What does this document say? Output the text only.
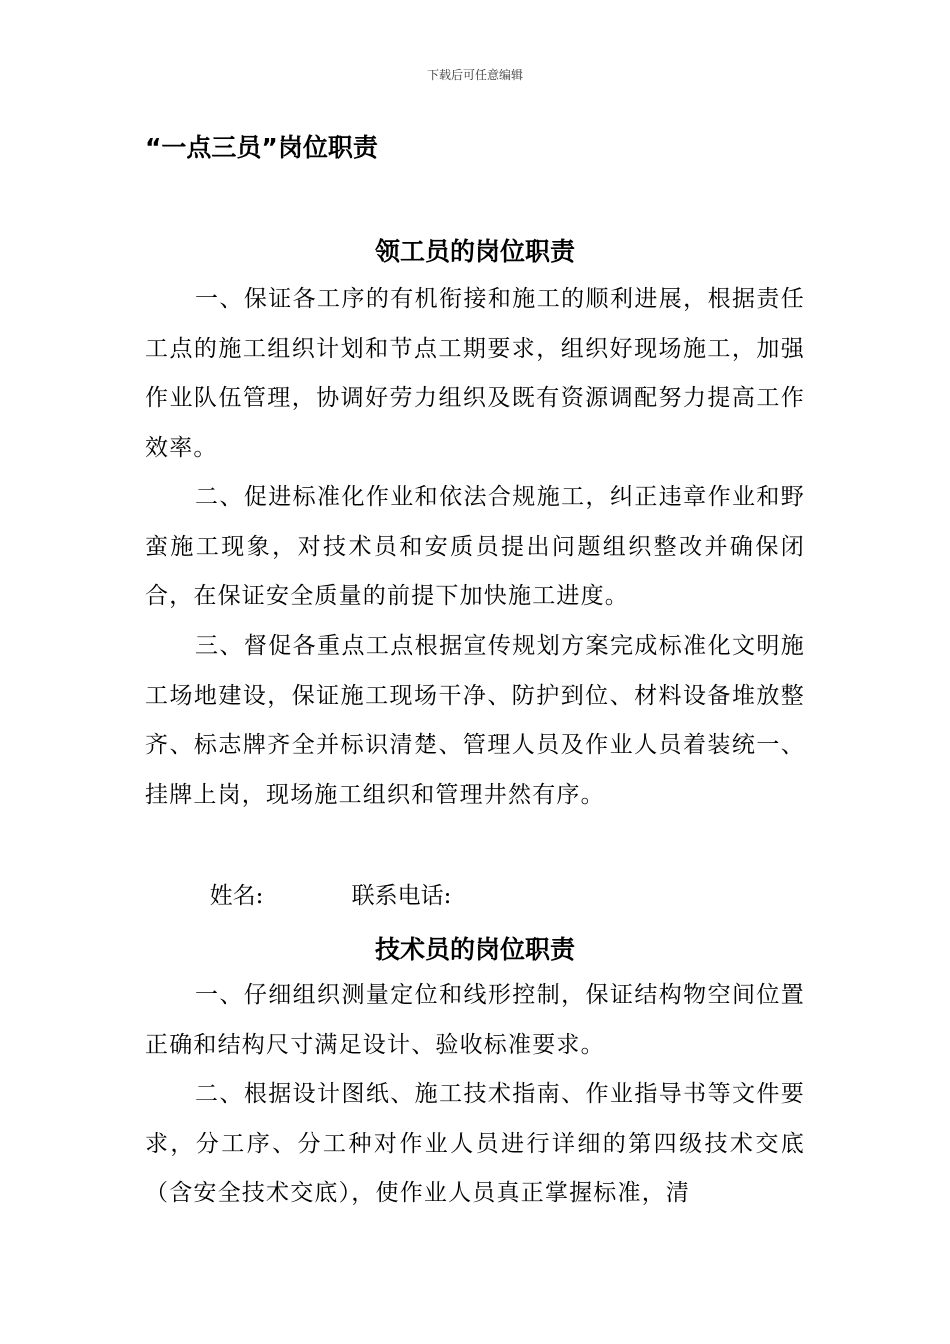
下载后可任意编辑
“一点三员”岗位职责
领工员的岗位职责

一、保证各工序的有机衔接和施工的顺利进展，根据责任工点的施工组织计划和节点工期要求，组织好现场施工，加强作业队伍管理，协调好劳力组织及既有资源调配努力提高工作效率。

二、促进标准化作业和依法合规施工，纠正违章作业和野蛮施工现象，对技术员和安质员提出问题组织整改并确保闭合，在保证安全质量的前提下加快施工进度。

三、督促各重点工点根据宣传规划方案完成标准化文明施工场地建设，保证施工现场干净、防护到位、材料设备堆放整齐、标志牌齐全并标识清楚、管理人员及作业人员着装统一、挂牌上岗，现场施工组织和管理井然有序。

姓名:	联系电话:

技术员的岗位职责

一、仔细组织测量定位和线形控制，保证结构物空间位置正确和结构尺寸满足设计、验收标准要求。

二、根据设计图纸、施工技术指南、作业指导书等文件要求，分工序、分工种对作业人员进行详细的第四级技术交底（含安全技术交底），使作业人员真正掌握标准，清
